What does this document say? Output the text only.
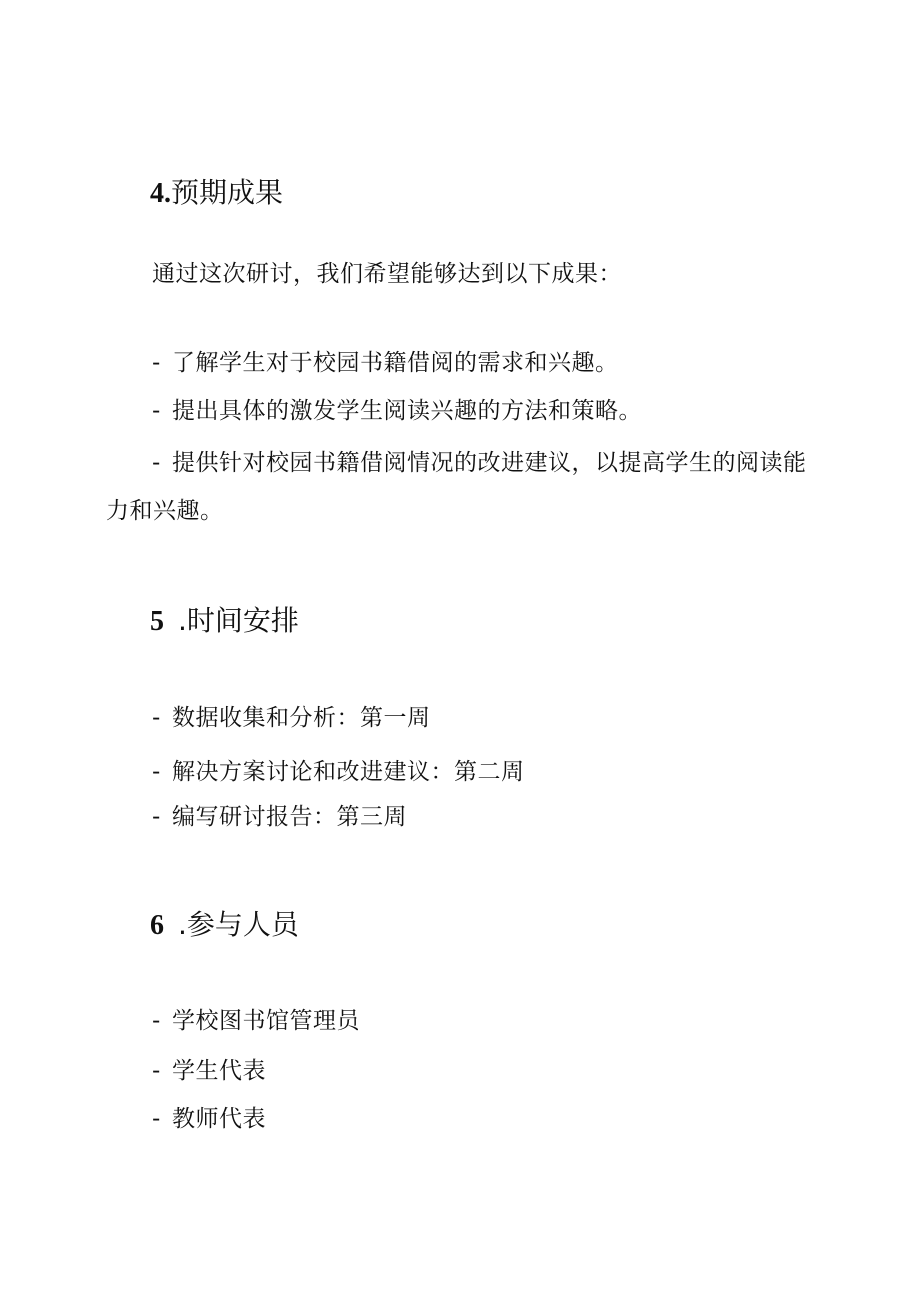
4.预期成果
通过这次研讨，我们希望能够达到以下成果：
- 了解学生对于校园书籍借阅的需求和兴趣。
- 提出具体的激发学生阅读兴趣的方法和策略。
- 提供针对校园书籍借阅情况的改进建议，以提高学生的阅读能
力和兴趣。
5 .时间安排
- 数据收集和分析：第一周
- 解决方案讨论和改进建议：第二周
- 编写研讨报告：第三周
6 .参与人员
- 学校图书馆管理员
- 学生代表
- 教师代表
